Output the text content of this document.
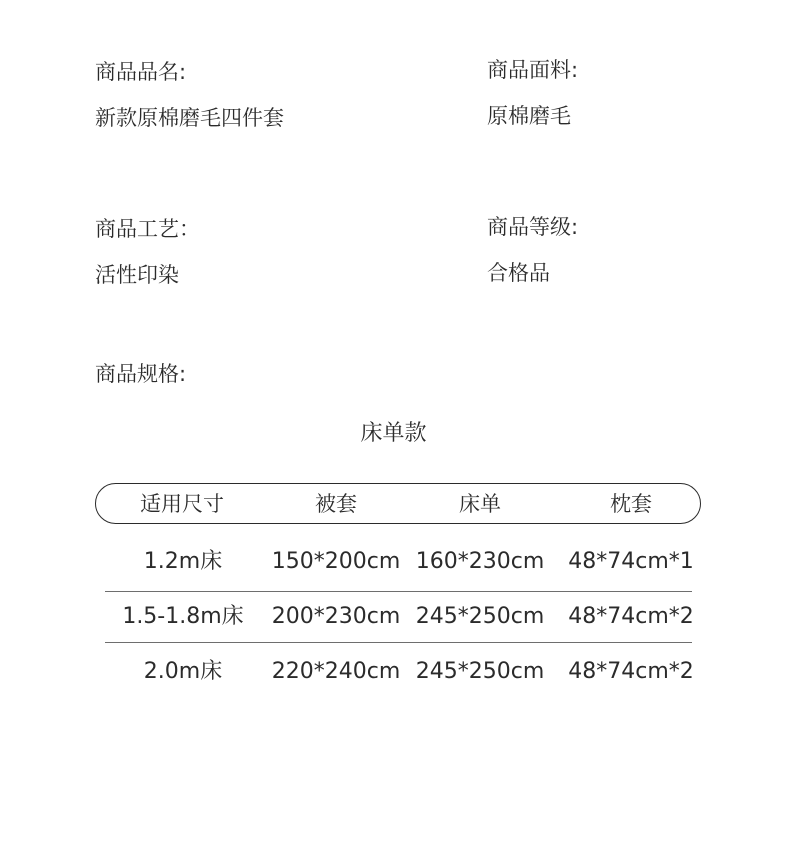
商品品名:
新款原棉磨毛四件套
商品面料:
原棉磨毛
商品工艺：
活性印染
商品等级:
合格品
商品规格:
床单款
适用尺寸	被套	床单	枕套
1.2m床 150*200cm 160*230cm 48*74cm*1
1.5-1.8m床 200*230cm 245*250cm 48*74cm*2
2.0m床 220*240cm 245*250cm 48*74cm*2
